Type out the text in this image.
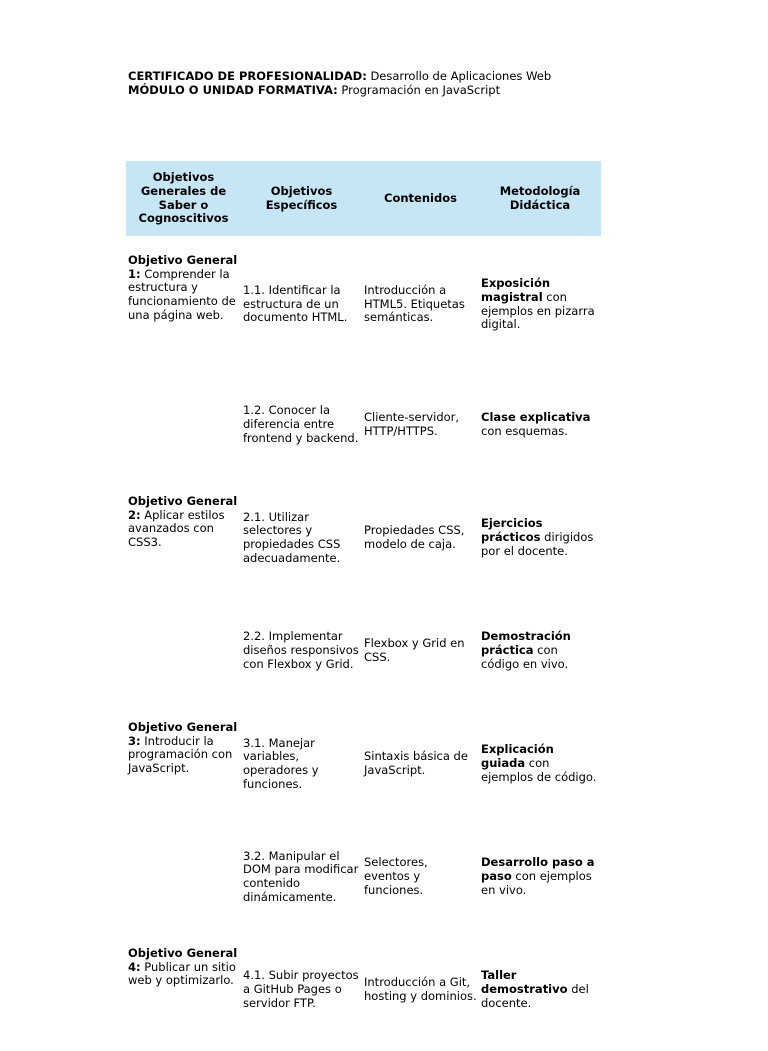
CERTIFICADO DE PROFESIONALIDAD: Desarrollo de Aplicaciones Web
MÓDULO O UNIDAD FORMATIVA: Programación en JavaScript
Objetivos Generales de Saber o Cognoscitivos	Objetivos Específicos	Contenidos	Metodología Didáctica
Objetivo General 1: Comprender la estructura y funcionamiento de una página web.	1.1. Identificar la estructura de un documento HTML.	Introducción a HTML5. Etiquetas semánticas.	Exposición magistral con ejemplos en pizarra digital.
	1.2. Conocer la diferencia entre frontend y backend.	Cliente-servidor, HTTP/HTTPS.	Clase explicativa con esquemas.
Objetivo General 2: Aplicar estilos avanzados con CSS3.	2.1. Utilizar selectores y propiedades CSS adecuadamente.	Propiedades CSS, modelo de caja.	Ejercicios prácticos dirigidos por el docente.
	2.2. Implementar diseños responsivos con Flexbox y Grid.	Flexbox y Grid en CSS.	Demostración práctica con código en vivo.
Objetivo General 3: Introducir la programación con JavaScript.	3.1. Manejar variables, operadores y funciones.	Sintaxis básica de JavaScript.	Explicación guiada con ejemplos de código.
	3.2. Manipular el DOM para modificar contenido dinámicamente.	Selectores, eventos y funciones.	Desarrollo paso a paso con ejemplos en vivo.
Objetivo General 4: Publicar un sitio web y optimizarlo.	4.1. Subir proyectos a GitHub Pages o servidor FTP.	Introducción a Git, hosting y dominios.	Taller demostrativo del docente.
